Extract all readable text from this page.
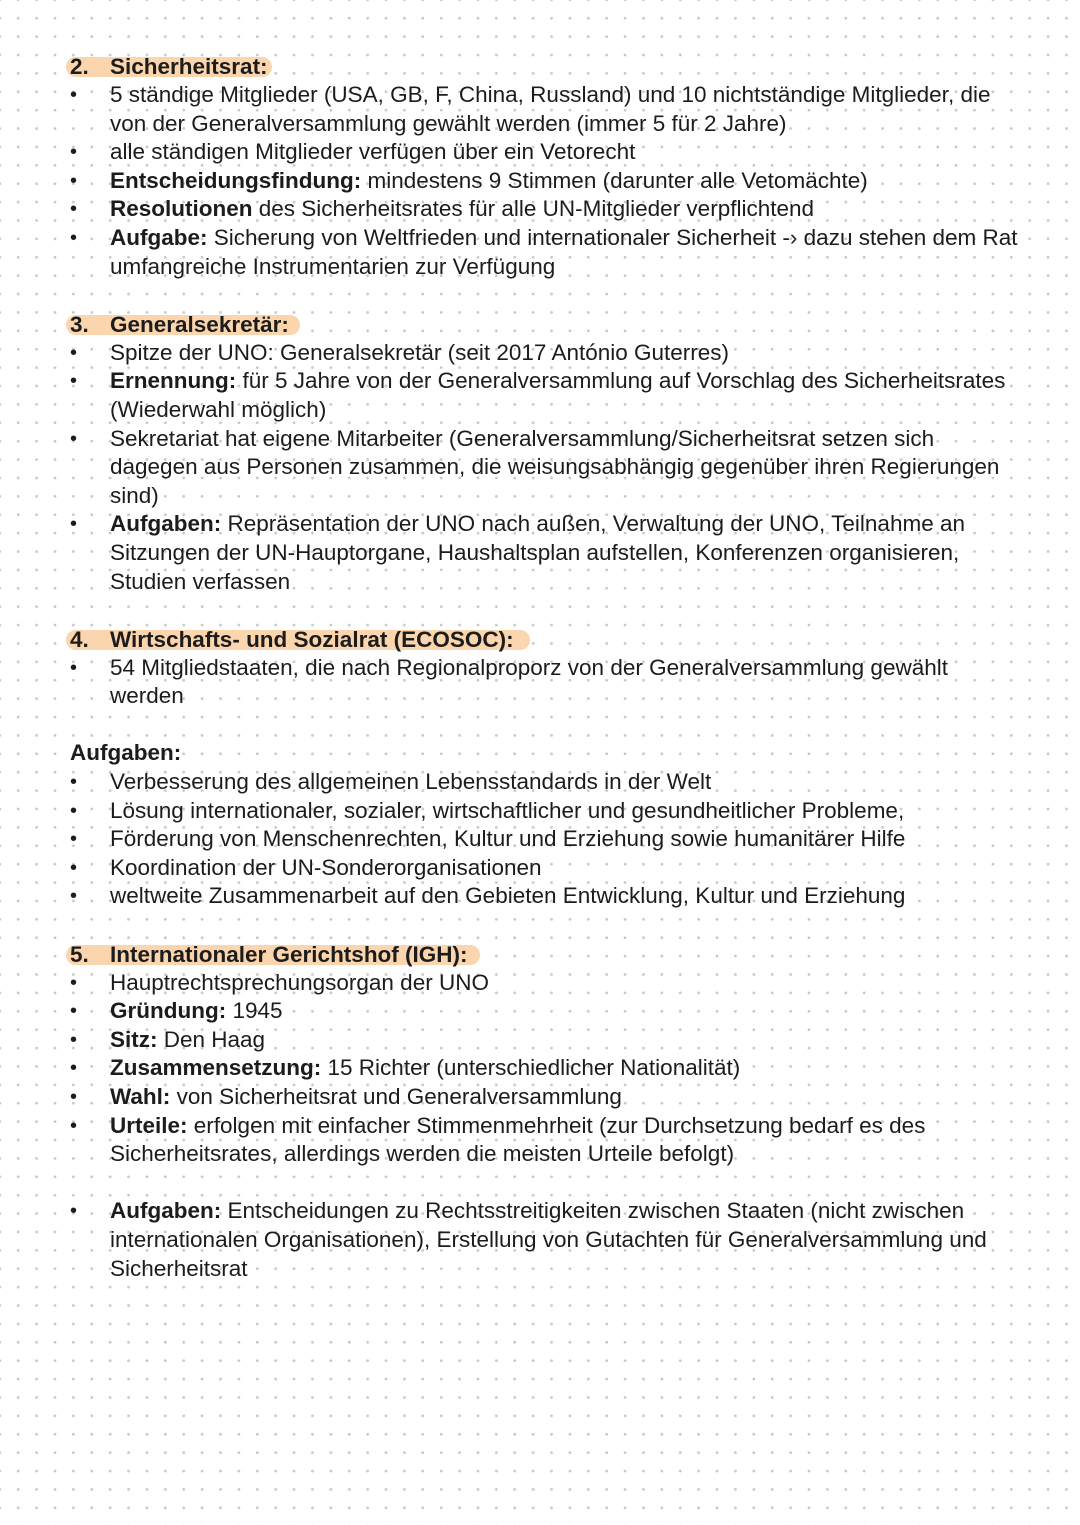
2. Sicherheitsrat:
• 5 ständige Mitglieder (USA, GB, F, China, Russland) und 10 nichtständige Mitglieder, die von der Generalversammlung gewählt werden (immer 5 für 2 Jahre)
• alle ständigen Mitglieder verfügen über ein Vetorecht
• Entscheidungsfindung: mindestens 9 Stimmen (darunter alle Vetomächte)
• Resolutionen des Sicherheitsrates für alle UN-Mitglieder verpflichtend
• Aufgabe: Sicherung von Weltfrieden und internationaler Sicherheit -› dazu stehen dem Rat umfangreiche Instrumentarien zur Verfügung
3. Generalsekretär:
• Spitze der UNO: Generalsekretär (seit 2017 António Guterres)
• Ernennung: für 5 Jahre von der Generalversammlung auf Vorschlag des Sicherheitsrates (Wiederwahl möglich)
• Sekretariat hat eigene Mitarbeiter (Generalversammlung/Sicherheitsrat setzen sich dagegen aus Personen zusammen, die weisungsabhängig gegenüber ihren Regierungen sind)
• Aufgaben: Repräsentation der UNO nach außen, Verwaltung der UNO, Teilnahme an Sitzungen der UN-Hauptorgane, Haushaltsplan aufstellen, Konferenzen organisieren, Studien verfassen
4. Wirtschafts- und Sozialrat (ECOSOC):
• 54 Mitgliedstaaten, die nach Regionalproporz von der Generalversammlung gewählt werden
Aufgaben:
• Verbesserung des allgemeinen Lebensstandards in der Welt
• Lösung internationaler, sozialer, wirtschaftlicher und gesundheitlicher Probleme,
• Förderung von Menschenrechten, Kultur und Erziehung sowie humanitärer Hilfe
• Koordination der UN-Sonderorganisationen
• weltweite Zusammenarbeit auf den Gebieten Entwicklung, Kultur und Erziehung
5. Internationaler Gerichtshof (IGH):
• Hauptrechtsprechungsorgan der UNO
• Gründung: 1945
• Sitz: Den Haag
• Zusammensetzung: 15 Richter (unterschiedlicher Nationalität)
• Wahl: von Sicherheitsrat und Generalversammlung
• Urteile: erfolgen mit einfacher Stimmenmehrheit (zur Durchsetzung bedarf es des Sicherheitsrates, allerdings werden die meisten Urteile befolgt)
• Aufgaben: Entscheidungen zu Rechtsstreitigkeiten zwischen Staaten (nicht zwischen internationalen Organisationen), Erstellung von Gutachten für Generalversammlung und Sicherheitsrat
